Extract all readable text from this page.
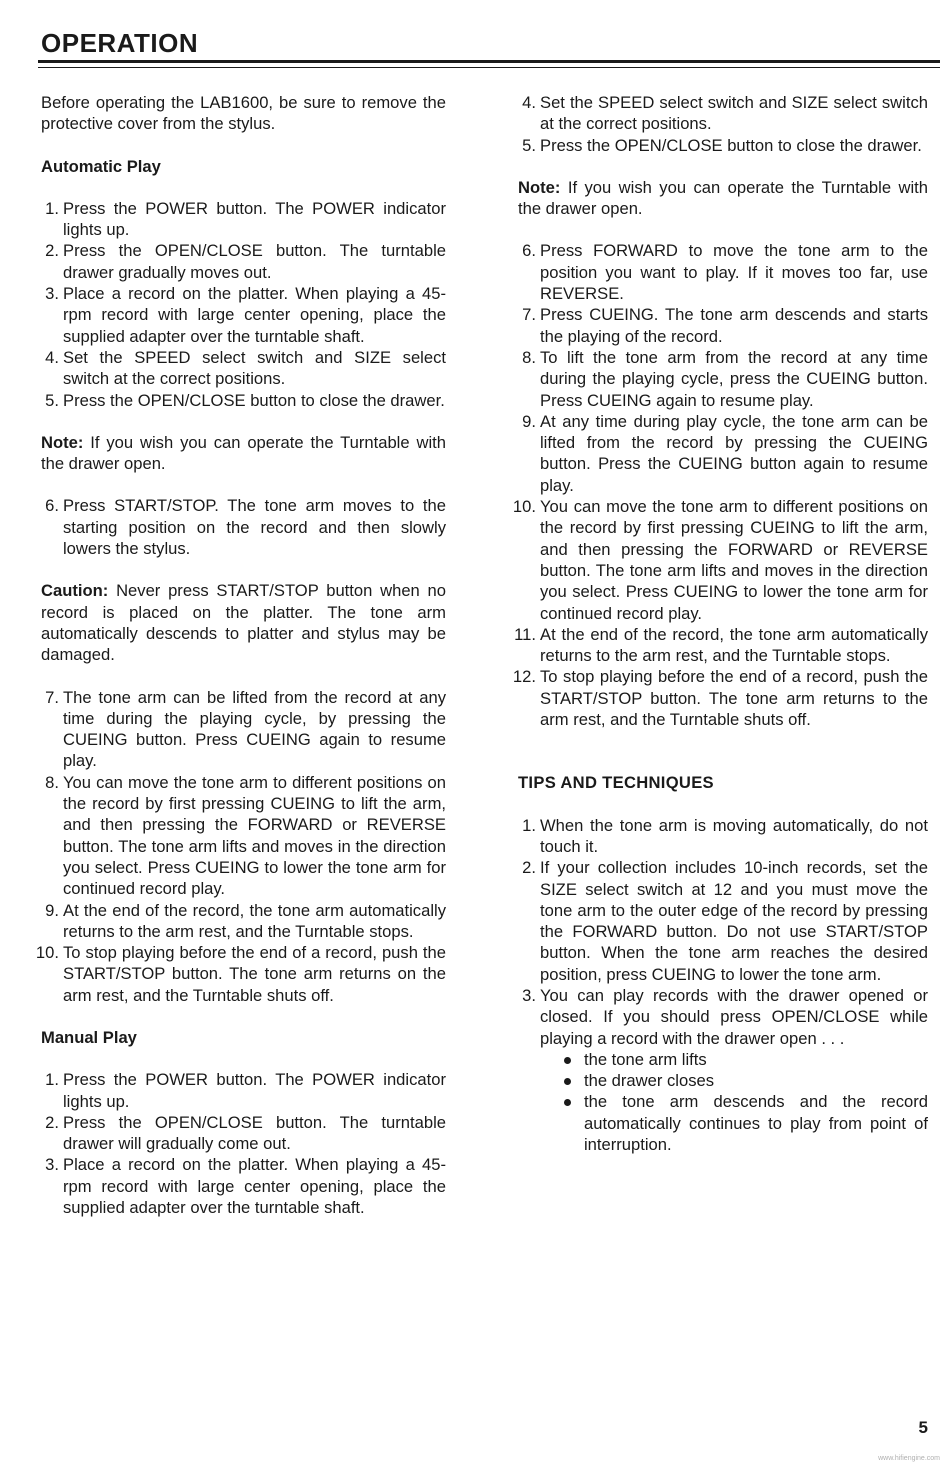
OPERATION

Before operating the LAB1600, be sure to remove the protective cover from the stylus.

Automatic Play

1. Press the POWER button. The POWER indicator lights up.
2. Press the OPEN/CLOSE button. The turntable drawer gradually moves out.
3. Place a record on the platter. When playing a 45-rpm record with large center opening, place the supplied adapter over the turntable shaft.
4. Set the SPEED select switch and SIZE select switch at the correct positions.
5. Press the OPEN/CLOSE button to close the drawer.

Note: If you wish you can operate the Turntable with the drawer open.

6. Press START/STOP. The tone arm moves to the starting position on the record and then slowly lowers the stylus.

Caution: Never press START/STOP button when no record is placed on the platter. The tone arm automatically descends to platter and stylus may be damaged.

7. The tone arm can be lifted from the record at any time during the playing cycle, by pressing the CUEING button. Press CUEING again to resume play.
8. You can move the tone arm to different positions on the record by first pressing CUEING to lift the arm, and then pressing the FORWARD or REVERSE button. The tone arm lifts and moves in the direction you select. Press CUEING to lower the tone arm for continued record play.
9. At the end of the record, the tone arm automatically returns to the arm rest, and the Turntable stops.
10. To stop playing before the end of a record, push the START/STOP button. The tone arm returns on the arm rest, and the Turntable shuts off.

Manual Play

1. Press the POWER button. The POWER indicator lights up.
2. Press the OPEN/CLOSE button. The turntable drawer will gradually come out.
3. Place a record on the platter. When playing a 45-rpm record with large center opening, place the supplied adapter over the turntable shaft.
4. Set the SPEED select switch and SIZE select switch at the correct positions.
5. Press the OPEN/CLOSE button to close the drawer.

Note: If you wish you can operate the Turntable with the drawer open.

6. Press FORWARD to move the tone arm to the position you want to play. If it moves too far, use REVERSE.
7. Press CUEING. The tone arm descends and starts the playing of the record.
8. To lift the tone arm from the record at any time during the playing cycle, press the CUEING button. Press CUEING again to resume play.
9. At any time during play cycle, the tone arm can be lifted from the record by pressing the CUEING button. Press the CUEING button again to resume play.
10. You can move the tone arm to different positions on the record by first pressing CUEING to lift the arm, and then pressing the FORWARD or REVERSE button. The tone arm lifts and moves in the direction you select. Press CUEING to lower the tone arm for continued record play.
11. At the end of the record, the tone arm automatically returns to the arm rest, and the Turntable stops.
12. To stop playing before the end of a record, push the START/STOP button. The tone arm returns to the arm rest, and the Turntable shuts off.

TIPS AND TECHNIQUES

1. When the tone arm is moving automatically, do not touch it.
2. If your collection includes 10-inch records, set the SIZE select switch at 12 and you must move the tone arm to the outer edge of the record by pressing the FORWARD button. Do not use START/STOP button. When the tone arm reaches the desired position, press CUEING to lower the tone arm.
3. You can play records with the drawer opened or closed. If you should press OPEN/CLOSE while playing a record with the drawer open . . .
the tone arm lifts
the drawer closes
the tone arm descends and the record automatically continues to play from point of interruption.
5
www.hifiengine.com
